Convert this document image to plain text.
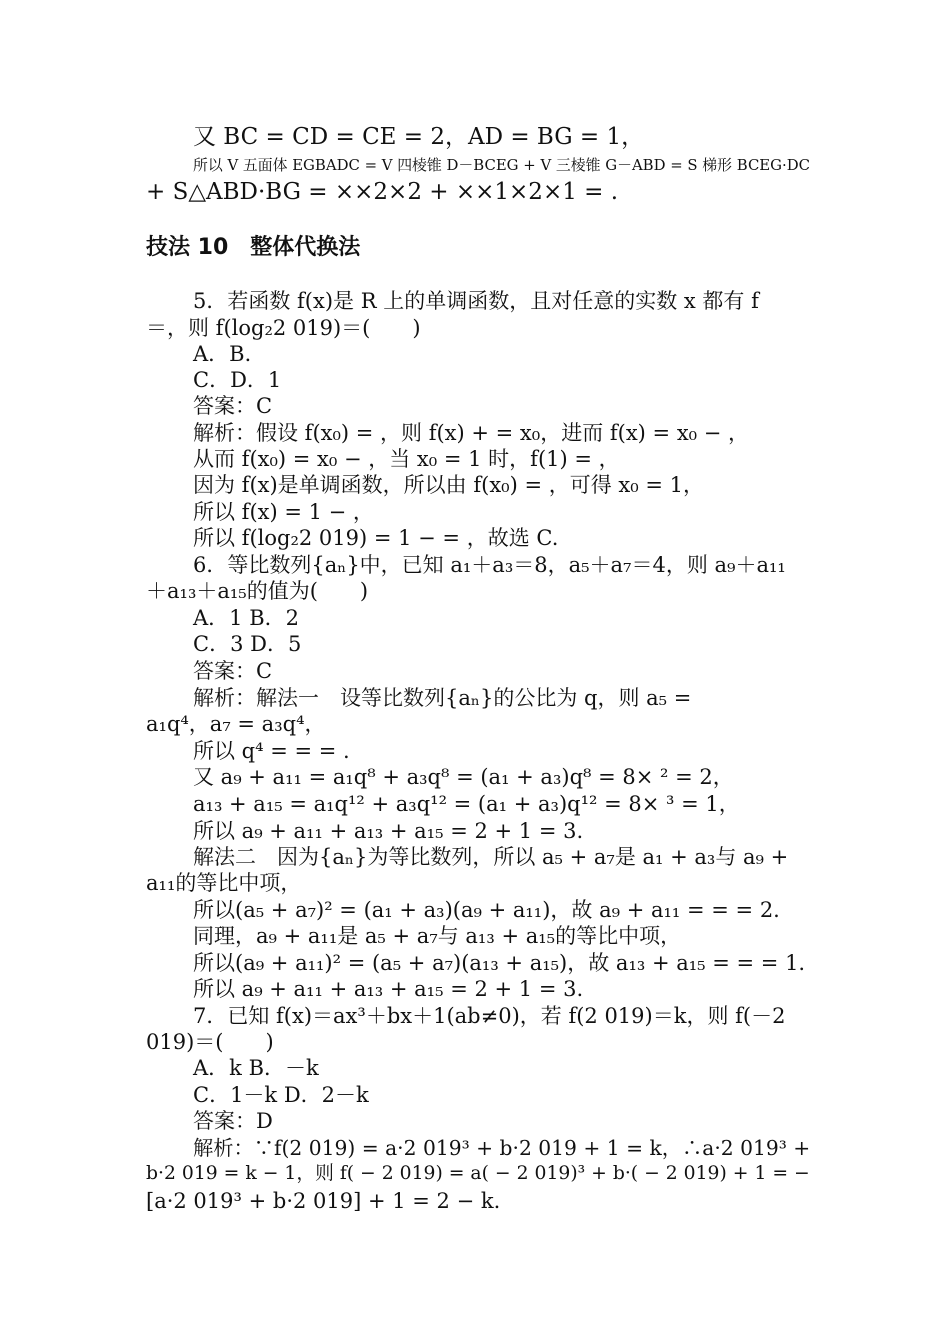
又 BC = CD = CE = 2，AD = BG = 1，
所以 V 五面体 EGBADC = V 四棱锥 D－BCEG + V 三棱锥 G－ABD = S 梯形 BCEG·DC
+ S△ABD·BG = ××2×2 + ××1×2×1 = .
技法 10　整体代换法
5．若函数 f(x)是 R 上的单调函数，且对任意的实数 x 都有 f
＝，则 f(log₂2 019)＝(　　)
A．B．
C．D．1
答案：C
解析：假设 f(x₀) = ，则 f(x) + = x₀，进而 f(x) = x₀ − ，
从而 f(x₀) = x₀ − ，当 x₀ = 1 时，f(1) = ，
因为 f(x)是单调函数，所以由 f(x₀) = ，可得 x₀ = 1，
所以 f(x) = 1 − ，
所以 f(log₂2 019) = 1 − = ，故选 C.
6．等比数列{aₙ}中，已知 a₁＋a₃＝8，a₅＋a₇＝4，则 a₉＋a₁₁
＋a₁₃＋a₁₅的值为(　　)
A．1 B．2
C．3 D．5
答案：C
解析：解法一　设等比数列{aₙ}的公比为 q，则 a₅ =
a₁q⁴，a₇ = a₃q⁴，
所以 q⁴ = = = .
又 a₉ + a₁₁ = a₁q⁸ + a₃q⁸ = (a₁ + a₃)q⁸ = 8× ² = 2，
a₁₃ + a₁₅ = a₁q¹² + a₃q¹² = (a₁ + a₃)q¹² = 8× ³ = 1，
所以 a₉ + a₁₁ + a₁₃ + a₁₅ = 2 + 1 = 3.
解法二　因为{aₙ}为等比数列，所以 a₅ + a₇是 a₁ + a₃与 a₉ +
a₁₁的等比中项，
所以(a₅ + a₇)² = (a₁ + a₃)(a₉ + a₁₁)，故 a₉ + a₁₁ = = = 2.
同理，a₉ + a₁₁是 a₅ + a₇与 a₁₃ + a₁₅的等比中项，
所以(a₉ + a₁₁)² = (a₅ + a₇)(a₁₃ + a₁₅)，故 a₁₃ + a₁₅ = = = 1.
所以 a₉ + a₁₁ + a₁₃ + a₁₅ = 2 + 1 = 3.
7．已知 f(x)＝ax³＋bx＋1(ab≠0)，若 f(2 019)＝k，则 f(－2
019)＝(　　)
A．k B．－k
C．1－k D．2－k
答案：D
解析：∵f(2 019) = a·2 019³ + b·2 019 + 1 = k，∴a·2 019³ +
b·2 019 = k − 1，则 f( − 2 019) = a( − 2 019)³ + b·( − 2 019) + 1 = −
[a·2 019³ + b·2 019] + 1 = 2 − k.
